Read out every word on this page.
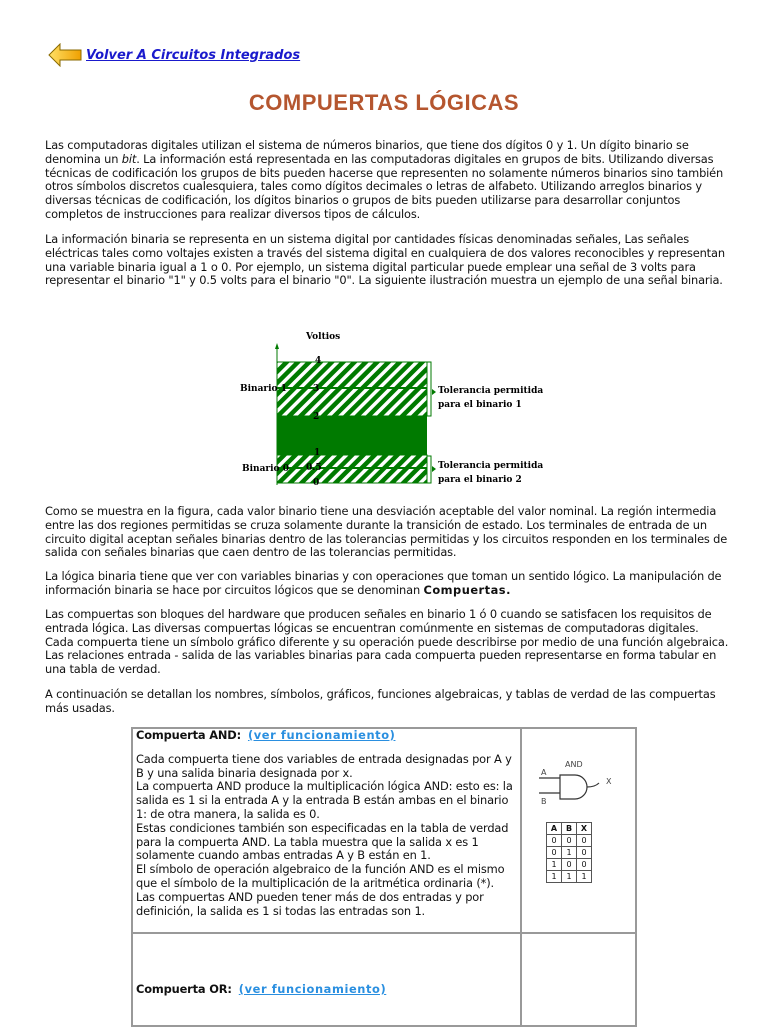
Volver A Circuitos Integrados
COMPUERTAS LÓGICAS

Las computadoras digitales utilizan el sistema de números binarios, que tiene dos dígitos 0 y 1. Un dígito binario se denomina un bit. La información está representada en las computadoras digitales en grupos de bits. Utilizando diversas técnicas de codificación los grupos de bits pueden hacerse que representen no solamente números binarios sino también otros símbolos discretos cualesquiera, tales como dígitos decimales o letras de alfabeto. Utilizando arreglos binarios y diversas técnicas de codificación, los dígitos binarios o grupos de bits pueden utilizarse para desarrollar conjuntos completos de instrucciones para realizar diversos tipos de cálculos.

La información binaria se representa en un sistema digital por cantidades físicas denominadas señales, Las señales eléctricas tales como voltajes existen a través del sistema digital en cualquiera de dos valores reconocibles y representan una variable binaria igual a 1 o 0. Por ejemplo, un sistema digital particular puede emplear una señal de 3 volts para representar el binario "1" y 0.5 volts para el binario "0". La siguiente ilustración muestra un ejemplo de una señal binaria.

Voltios
4
3
2
1
0.5
0
Binario 1
Binario 0
Tolerancia permitida
para el binario 1
Tolerancia permitida
para el binario 2

Como se muestra en la figura, cada valor binario tiene una desviación aceptable del valor nominal. La región intermedia entre las dos regiones permitidas se cruza solamente durante la transición de estado. Los terminales de entrada de un circuito digital aceptan señales binarias dentro de las tolerancias permitidas y los circuitos responden en los terminales de salida con señales binarias que caen dentro de las tolerancias permitidas.

La lógica binaria tiene que ver con variables binarias y con operaciones que toman un sentido lógico. La manipulación de información binaria se hace por circuitos lógicos que se denominan Compuertas.

Las compuertas son bloques del hardware que producen señales en binario 1 ó 0 cuando se satisfacen los requisitos de entrada lógica. Las diversas compuertas lógicas se encuentran comúnmente en sistemas de computadoras digitales. Cada compuerta tiene un símbolo gráfico diferente y su operación puede describirse por medio de una función algebraica. Las relaciones entrada - salida de las variables binarias para cada compuerta pueden representarse en forma tabular en una tabla de verdad.

A continuación se detallan los nombres, símbolos, gráficos, funciones algebraicas, y tablas de verdad de las compuertas más usadas.

Compuerta AND: (ver funcionamiento)
Cada compuerta tiene dos variables de entrada designadas por A y B y una salida binaria designada por x.
La compuerta AND produce la multiplicación lógica AND: esto es: la salida es 1 si la entrada A y la entrada B están ambas en el binario 1: de otra manera, la salida es 0.
Estas condiciones también son especificadas en la tabla de verdad para la compuerta AND. La tabla muestra que la salida x es 1 solamente cuando ambas entradas A y B están en 1.
El símbolo de operación algebraico de la función AND es el mismo que el símbolo de la multiplicación de la aritmética ordinaria (*).
Las compuertas AND pueden tener más de dos entradas y por definición, la salida es 1 si todas las entradas son 1.
AND
A
B
X
Compuerta OR: (ver funcionamiento)
A	B	X
0	0	0
0	1	0
1	0	0
1	1	1
